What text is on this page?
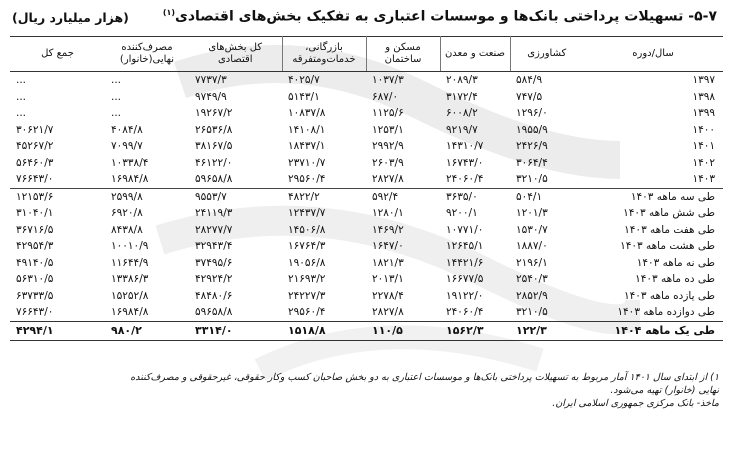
۵-۷- تسهیلات پرداختی بانک‌ها و موسسات اعتباری به تفکیک بخش‌های اقتصادی$^{(۱)}$
(هزار میلیارد ریال)
سال/دوره	کشاورزی	صنعت و معدن	مسکن و ساختمان	بازرگانی، خدمات‌ومتفرقه	کل بخش‌های اقتصادی	مصرف‌کننده نهایی(خانوار)	جمع کل
۱۳۹۷	۵۸۴/۹	۲۰۸۹/۳	۱۰۳۷/۳	۴۰۲۵/۷	۷۷۳۷/۳	...	...
۱۳۹۸	۷۴۷/۵	۳۱۷۲/۴	۶۸۷/۰	۵۱۴۳/۱	۹۷۴۹/۹	...	...
۱۳۹۹	۱۲۹۶/۰	۶۰۰۸/۲	۱۱۲۵/۶	۱۰۸۳۷/۸	۱۹۲۶۷/۲	...	...
۱۴۰۰	۱۹۵۵/۹	۹۲۱۹/۷	۱۲۵۳/۱	۱۴۱۰۸/۱	۲۶۵۳۶/۸	۴۰۸۴/۸	۳۰۶۲۱/۷
۱۴۰۱	۲۴۲۶/۹	۱۴۳۱۰/۷	۲۹۹۲/۹	۱۸۴۳۷/۱	۳۸۱۶۷/۵	۷۰۹۹/۷	۴۵۲۶۷/۲
۱۴۰۲	۳۰۶۴/۴	۱۶۷۴۳/۰	۲۶۰۳/۹	۲۳۷۱۰/۷	۴۶۱۲۲/۰	۱۰۳۳۸/۴	۵۶۴۶۰/۳
۱۴۰۳	۳۲۱۰/۵	۲۴۰۶۰/۴	۲۸۲۷/۸	۲۹۵۶۰/۴	۵۹۶۵۸/۸	۱۶۹۸۴/۸	۷۶۶۴۳/۰
طی سه ماهه ۱۴۰۳	۵۰۴/۱	۳۶۳۵/۰	۵۹۲/۴	۴۸۲۲/۲	۹۵۵۳/۷	۲۵۹۹/۸	۱۲۱۵۳/۶
طی شش ماهه ۱۴۰۳	۱۲۰۱/۳	۹۲۰۰/۱	۱۲۸۰/۱	۱۲۴۳۷/۷	۲۴۱۱۹/۳	۶۹۲۰/۸	۳۱۰۴۰/۱
طی هفت ماهه ۱۴۰۳	۱۵۳۰/۷	۱۰۷۷۱/۰	۱۴۶۹/۲	۱۴۵۰۶/۸	۲۸۲۷۷/۷	۸۴۳۸/۸	۳۶۷۱۶/۵
طی هشت ماهه ۱۴۰۳	۱۸۸۷/۰	۱۲۶۴۵/۱	۱۶۴۷/۰	۱۶۷۶۴/۳	۳۲۹۴۳/۴	۱۰۰۱۰/۹	۴۲۹۵۴/۳
طی نه ماهه ۱۴۰۳	۲۱۹۶/۱	۱۴۴۲۱/۶	۱۸۲۱/۳	۱۹۰۵۶/۸	۳۷۴۹۵/۶	۱۱۶۴۴/۹	۴۹۱۴۰/۵
طی ده ماهه ۱۴۰۳	۲۵۴۰/۳	۱۶۶۷۷/۵	۲۰۱۳/۱	۲۱۶۹۳/۲	۴۲۹۲۴/۲	۱۳۳۸۶/۳	۵۶۳۱۰/۵
طی یازده ماهه ۱۴۰۳	۲۸۵۲/۹	۱۹۱۲۲/۰	۲۲۷۸/۴	۲۴۲۲۷/۳	۴۸۴۸۰/۶	۱۵۲۵۲/۸	۶۳۷۳۳/۵
طی دوازده ماهه ۱۴۰۳	۳۲۱۰/۵	۲۴۰۶۰/۴	۲۸۲۷/۸	۲۹۵۶۰/۴	۵۹۶۵۸/۸	۱۶۹۸۴/۸	۷۶۶۴۳/۰
طی یک ماهه ۱۴۰۴	۱۲۲/۳	۱۵۶۲/۳	۱۱۰/۵	۱۵۱۸/۸	۳۳۱۴/۰	۹۸۰/۲	۴۲۹۴/۱

۱) از ابتدای سال ۱۴۰۱ آمار مربوط به تسهیلات پرداختی بانک‌ها و موسسات اعتباری به دو بخش صاحبان کسب وکار حقوقی، غیرحقوقی و مصرف‌کننده

نهایی (خانوار) تهیه می‌شود.

ماخذ- بانک مرکزی جمهوری اسلامی ایران.
